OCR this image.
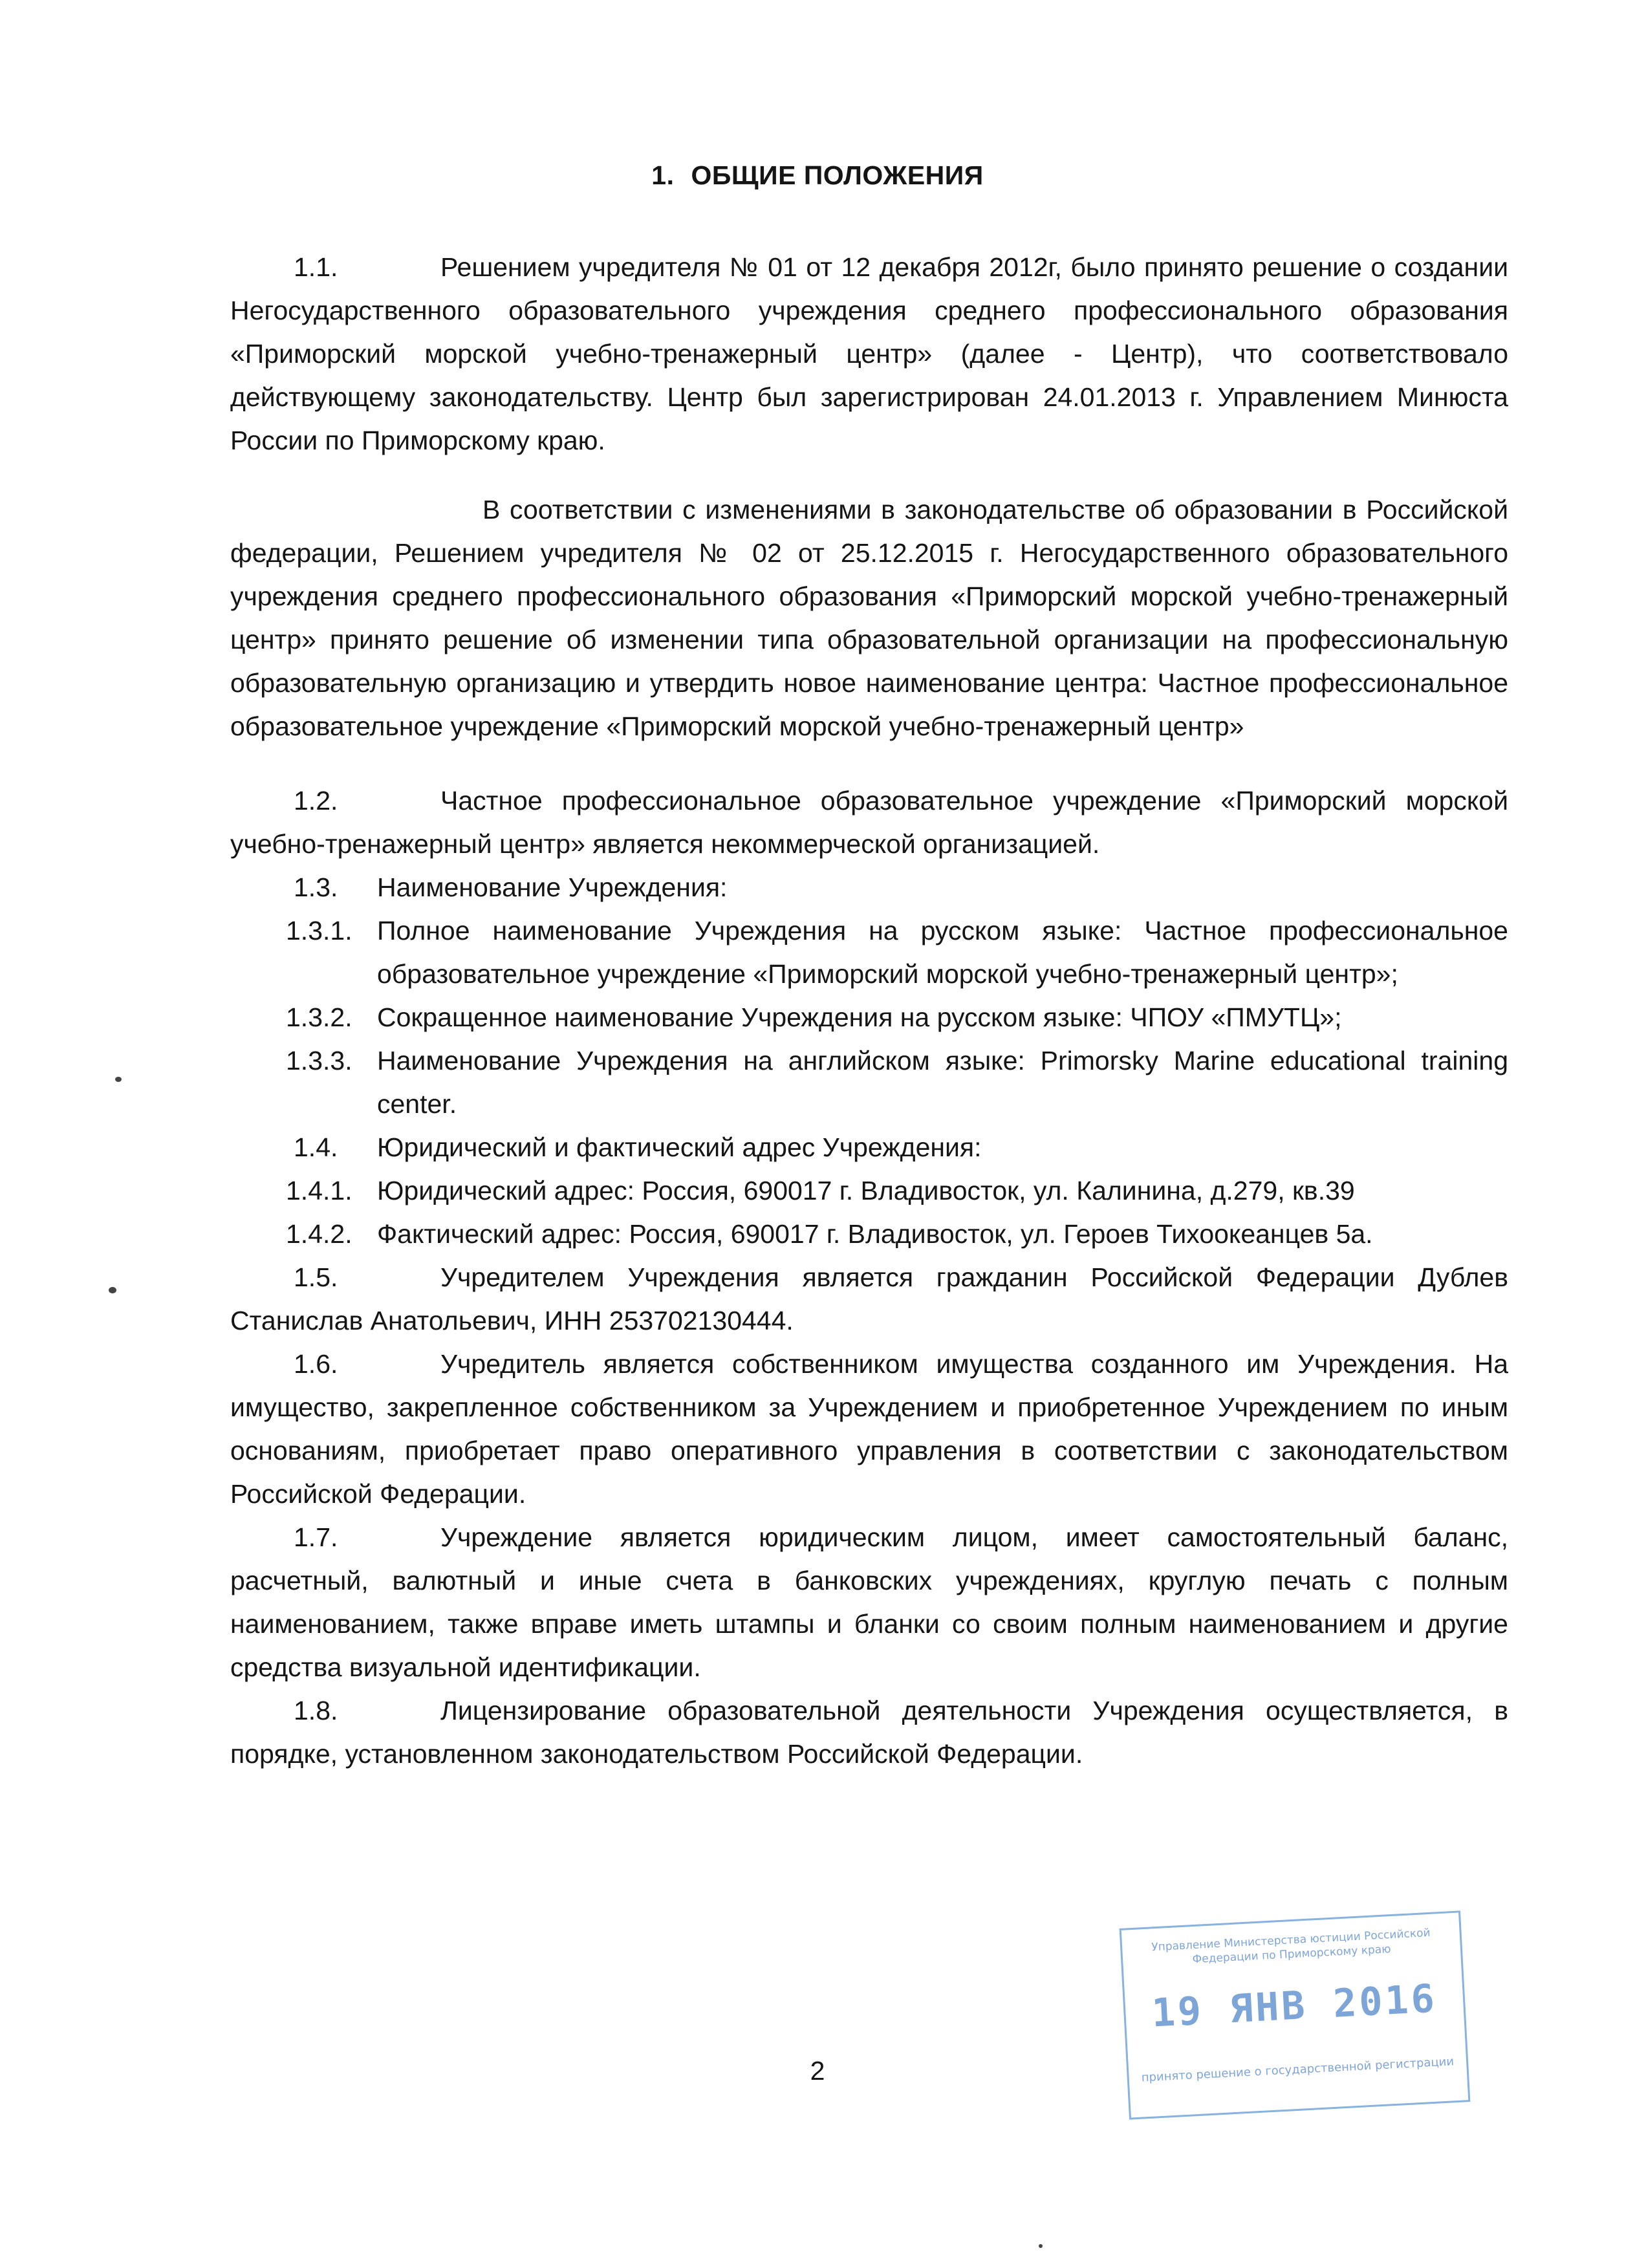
1. ОБЩИЕ ПОЛОЖЕНИЯ

1.1.	Решением учредителя № 01 от 12 декабря 2012г, было принято решение о создании Негосударственного образовательного учреждения среднего профессионального образования «Приморский морской учебно-тренажерный центр» (далее - Центр), что соответствовало действующему законодательству. Центр был зарегистрирован 24.01.2013 г. Управлением Минюста России по Приморскому краю.

В соответствии с изменениями в законодательстве об образовании в Российской федерации, Решением учредителя № 02 от 25.12.2015 г. Негосударственного образовательного учреждения среднего профессионального образования «Приморский морской учебно-тренажерный центр» принято решение об изменении типа образовательной организации на профессиональную образовательную организацию и утвердить новое наименование центра: Частное профессиональное образовательное учреждение «Приморский морской учебно-тренажерный центр»

1.2.	Частное профессиональное образовательное учреждение «Приморский морской учебно-тренажерный центр» является некоммерческой организацией.

1.3.	Наименование Учреждения:
1.3.1. Полное наименование Учреждения на русском языке: Частное профессиональное образовательное учреждение «Приморский морской учебно-тренажерный центр»;
1.3.2. Сокращенное наименование Учреждения на русском языке: ЧПОУ «ПМУТЦ»;
1.3.3. Наименование Учреждения на английском языке: Primorsky Marine educational training center.
1.4.	Юридический и фактический адрес Учреждения:
1.4.1. Юридический адрес: Россия, 690017 г. Владивосток, ул. Калинина, д.279, кв.39
1.4.2. Фактический адрес: Россия, 690017 г. Владивосток, ул. Героев Тихоокеанцев 5а.

1.5.	Учредителем Учреждения является гражданин Российской Федерации Дублев Станислав Анатольевич, ИНН 253702130444.

1.6.	Учредитель является собственником имущества созданного им Учреждения. На имущество, закрепленное собственником за Учреждением и приобретенное Учреждением по иным основаниям, приобретает право оперативного управления в соответствии с законодательством Российской Федерации.

1.7.	Учреждение является юридическим лицом, имеет самостоятельный баланс, расчетный, валютный и иные счета в банковских учреждениях, круглую печать с полным наименованием, также вправе иметь штампы и бланки со своим полным наименованием и другие средства визуальной идентификации.

1.8.	Лицензирование образовательной деятельности Учреждения осуществляется, в порядке, установленном законодательством Российской Федерации.

Управление Министерства юстиции Российской Федерации по Приморскому краю
19 ЯНВ 2016
принято решение о государственной регистрации
2
